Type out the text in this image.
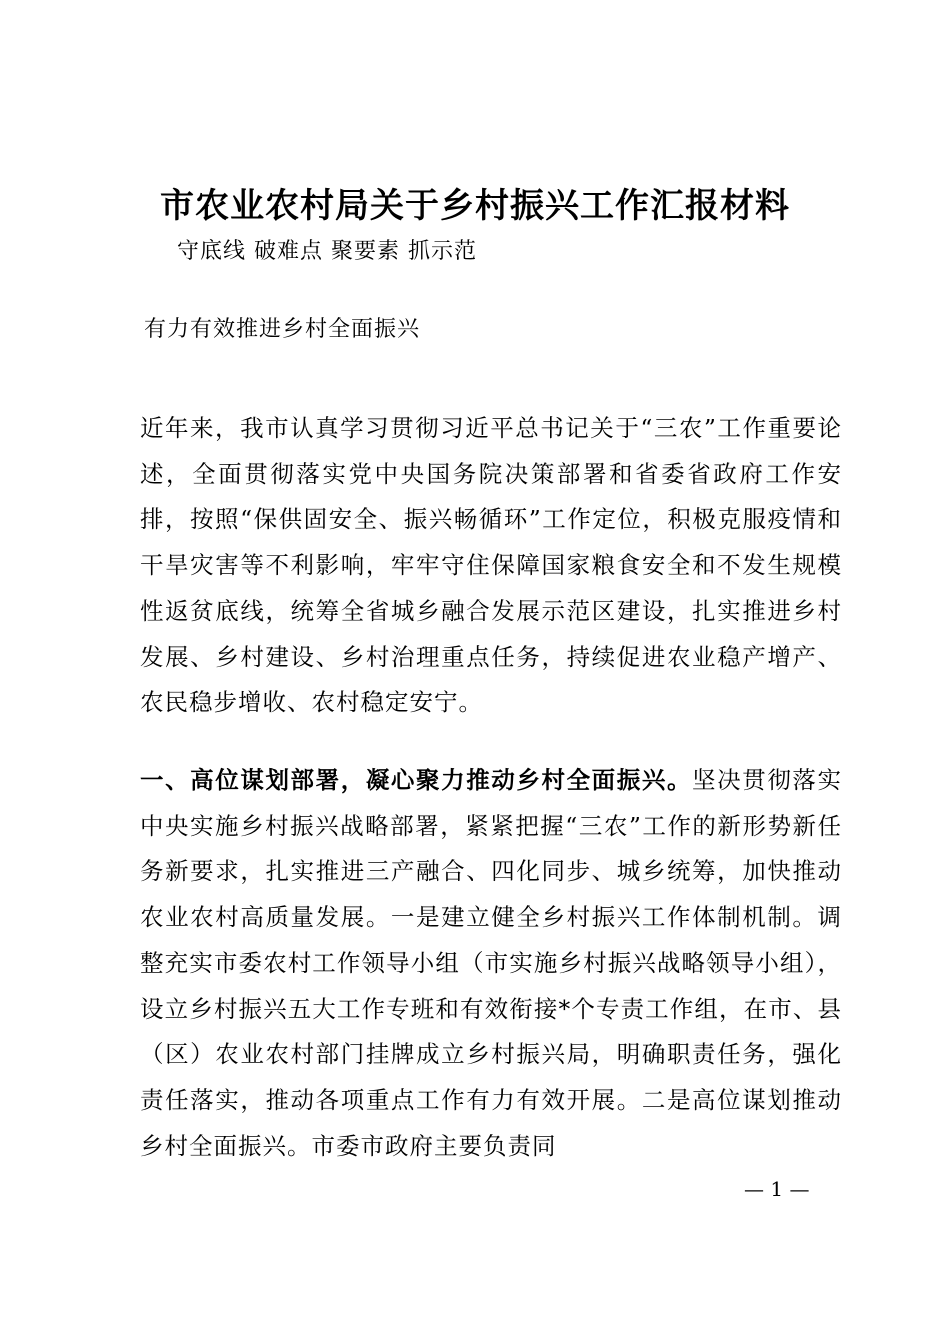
市农业农村局关于乡村振兴工作汇报材料
守底线 破难点 聚要素 抓示范
有力有效推进乡村全面振兴
近年来，我市认真学习贯彻习近平总书记关于“三农”工作重要论述，全面贯彻落实党中央国务院决策部署和省委省政府工作安排，按照“保供固安全、振兴畅循环”工作定位，积极克服疫情和干旱灾害等不利影响，牢牢守住保障国家粮食安全和不发生规模性返贫底线，统筹全省城乡融合发展示范区建设，扎实推进乡村发展、乡村建设、乡村治理重点任务，持续促进农业稳产增产、农民稳步增收、农村稳定安宁。
一、高位谋划部署，凝心聚力推动乡村全面振兴。坚决贯彻落实中央实施乡村振兴战略部署，紧紧把握“三农”工作的新形势新任务新要求，扎实推进三产融合、四化同步、城乡统筹，加快推动农业农村高质量发展。一是建立健全乡村振兴工作体制机制。调整充实市委农村工作领导小组（市实施乡村振兴战略领导小组），设立乡村振兴五大工作专班和有效衔接*个专责工作组，在市、县（区）农业农村部门挂牌成立乡村振兴局，明确职责任务，强化责任落实，推动各项重点工作有力有效开展。二是高位谋划推动乡村全面振兴。市委市政府主要负责同
— 1 —
